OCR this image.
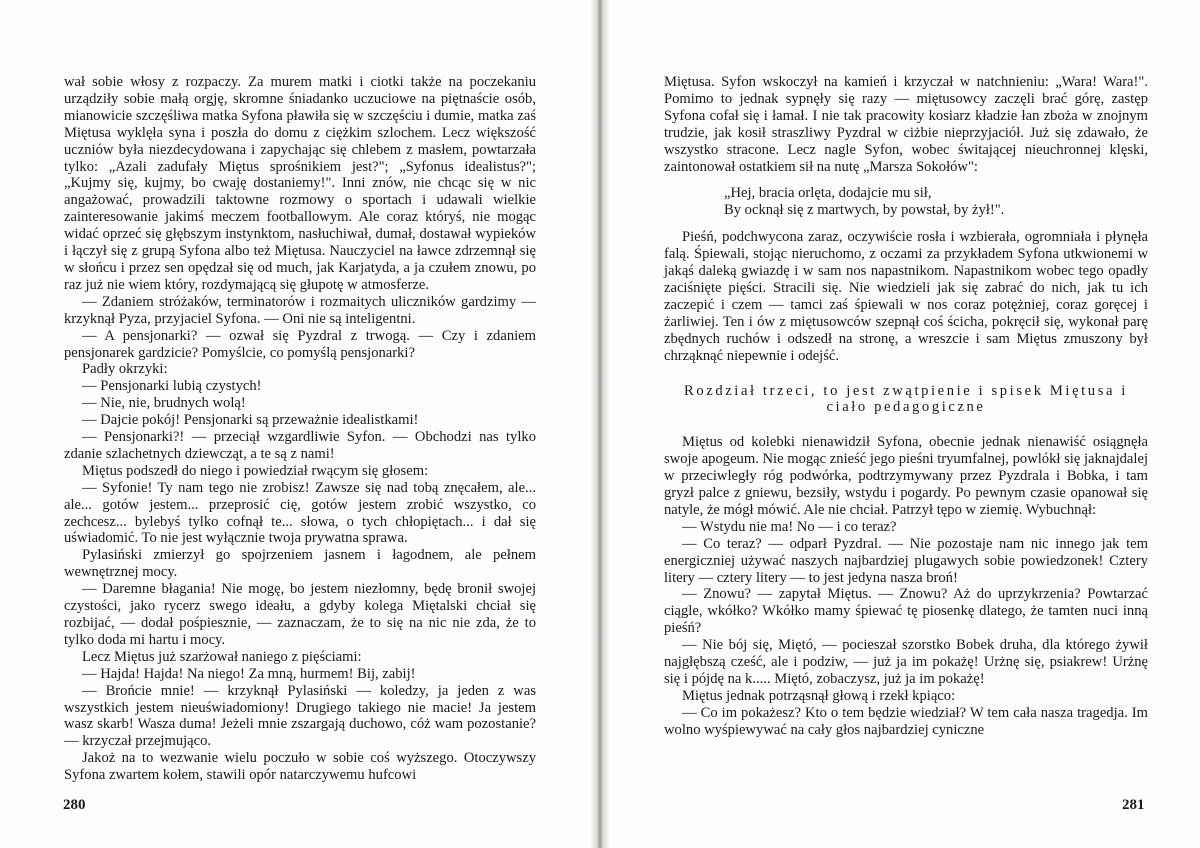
wał sobie włosy z rozpaczy. Za murem matki i ciotki także na poczekaniu urządziły sobie małą orgję, skromne śniadanko uczuciowe na piętnaście osób, mianowicie szczęśliwa matka Syfona pławiła się w szczęściu i dumie, matka zaś Miętusa wyklęła syna i poszła do domu z ciężkim szlochem. Lecz większość uczniów była niezdecydowana i zapychając się chlebem z masłem, powtarzała tylko: „Azali zadufały Miętus sprośnikiem jest?"; „Syfonus idealistus?"; „Kujmy się, kujmy, bo cwaję dostaniemy!". Inni znów, nie chcąc się w nic angażować, prowadzili taktowne rozmowy o sportach i udawali wielkie zainteresowanie jakimś meczem footballowym. Ale coraz któryś, nie mogąc widać oprzeć się głębszym instynktom, nasłuchiwał, dumał, dostawał wypieków i łączył się z grupą Syfona albo też Miętusa. Nauczyciel na ławce zdrzemnął się w słońcu i przez sen opędzał się od much, jak Karjatyda, a ja czułem znowu, po raz już nie wiem który, rozdymającą się głupotę w atmosferze.

— Zdaniem stróżaków, terminatorów i rozmaitych uliczników gardzimy — krzyknął Pyza, przyjaciel Syfona. — Oni nie są inteligentni.

— A pensjonarki? — ozwał się Pyzdral z trwogą. — Czy i zdaniem pensjonarek gardzicie? Pomyślcie, co pomyślą pensjonarki?

Padły okrzyki:

— Pensjonarki lubią czystych!

— Nie, nie, brudnych wolą!

— Dajcie pokój! Pensjonarki są przeważnie idealistkami!

— Pensjonarki?! — przeciął wzgardliwie Syfon. — Obchodzi nas tylko zdanie szlachetnych dziewcząt, a te są z nami!

Miętus podszedł do niego i powiedział rwącym się głosem:

— Syfonie! Ty nam tego nie zrobisz! Zawsze się nad tobą znęcałem, ale... ale... gotów jestem... przeprosić cię, gotów jestem zrobić wszystko, co zechcesz... bylebyś tylko cofnął te... słowa, o tych chłopiętach... i dał się uświadomić. To nie jest wyłącznie twoja prywatna sprawa.

Pylasiński zmierzył go spojrzeniem jasnem i łagodnem, ale pełnem wewnętrznej mocy.

— Daremne błagania! Nie mogę, bo jestem niezłomny, będę bronił swojej czystości, jako rycerz swego ideału, a gdyby kolega Miętalski chciał się rozbijać, — dodał pośpiesznie, — zaznaczam, że to się na nic nie zda, że to tylko doda mi hartu i mocy.

Lecz Miętus już szarżował naniego z pięściami:

— Hajda! Hajda! Na niego! Za mną, hurmem! Bij, zabij!

— Brońcie mnie! — krzyknął Pylasiński — koledzy, ja jeden z was wszystkich jestem nieuświadomiony! Drugiego takiego nie macie! Ja jestem wasz skarb! Wasza duma! Jeżeli mnie zszargają duchowo, cóż wam pozostanie? — krzyczał przejmująco.

Jakoż na to wezwanie wielu poczuło w sobie coś wyższego. Otoczywszy Syfona zwartem kołem, stawili opór natarczywemu hufcowi

280

Miętusa. Syfon wskoczył na kamień i krzyczał w natchnieniu: „Wara! Wara!". Pomimo to jednak sypnęły się razy — miętusowcy zaczęli brać górę, zastęp Syfona cofał się i łamał. I nie tak pracowity kosiarz kładzie łan zboża w znojnym trudzie, jak kosił straszliwy Pyzdral w ciżbie nieprzyjaciół. Już się zdawało, że wszystko stracone. Lecz nagle Syfon, wobec świtającej nieuchronnej klęski, zaintonował ostatkiem sił na nutę „Marsza Sokołów":

„Hej, bracia orlęta, dodajcie mu sił,
By ocknął się z martwych, by powstał, by żył!".

Pieśń, podchwycona zaraz, oczywiście rosła i wzbierała, ogromniała i płynęła falą. Śpiewali, stojąc nieruchomo, z oczami za przykładem Syfona utkwionemi w jakąś daleką gwiazdę i w sam nos napastnikom. Napastnikom wobec tego opadły zaciśnięte pięści. Stracili się. Nie wiedzieli jak się zabrać do nich, jak tu ich zaczepić i czem — tamci zaś śpiewali w nos coraz potężniej, coraz goręcej i żarliwiej. Ten i ów z miętusowców szepnął coś ścicha, pokręcił się, wykonał parę zbędnych ruchów i odszedł na stronę, a wreszcie i sam Miętus zmuszony był chrząknąć niepewnie i odejść.

Rozdział trzeci, to jest zwątpienie i spisek Miętusa i ciało pedagogiczne

Miętus od kolebki nienawidził Syfona, obecnie jednak nienawiść osiągnęła swoje apogeum. Nie mogąc znieść jego pieśni tryumfalnej, powlókł się jaknajdalej w przeciwległy róg podwórka, podtrzymywany przez Pyzdrala i Bobka, i tam gryzł palce z gniewu, bezsiły, wstydu i pogardy. Po pewnym czasie opanował się natyle, że mógł mówić. Ale nie chciał. Patrzył tępo w ziemię. Wybuchnął:

— Wstydu nie ma! No — i co teraz?

— Co teraz? — odparł Pyzdral. — Nie pozostaje nam nic innego jak tem energiczniej używać naszych najbardziej plugawych sobie powiedzonek! Cztery litery — cztery litery — to jest jedyna nasza broń!

— Znowu? — zapytał Miętus. — Znowu? Aż do uprzykrzenia? Powtarzać ciągle, wkółko? Wkółko mamy śpiewać tę piosenkę dlatego, że tamten nuci inną pieśń?

— Nie bój się, Miętó, — pocieszał szorstko Bobek druha, dla którego żywił najgłębszą cześć, ale i podziw, — już ja im pokażę! Urżnę się, psiakrew! Urżnę się i pójdę na k..... Miętó, zobaczysz, już ja im pokażę!

Miętus jednak potrząsnął głową i rzekł kpiąco:

— Co im pokażesz? Kto o tem będzie wiedział? W tem cała nasza tragedja. Im wolno wyśpiewywać na cały głos najbardziej cyniczne

281
